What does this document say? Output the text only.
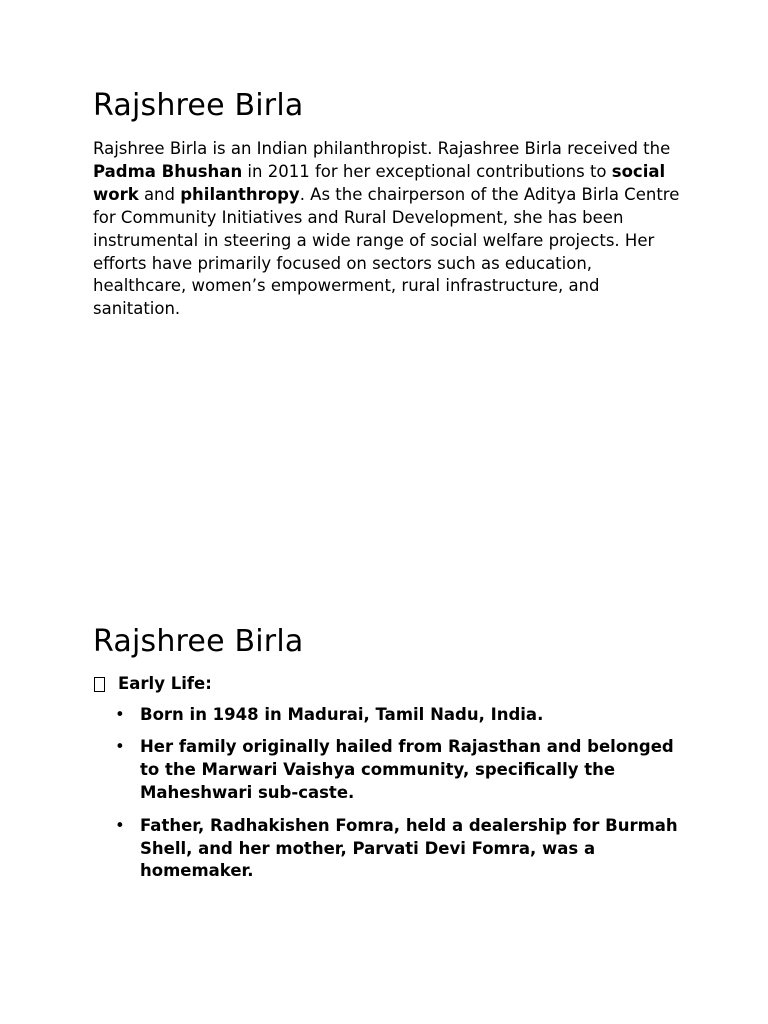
Rajshree Birla

Rajshree Birla is an Indian philanthropist. Rajashree Birla received the Padma Bhushan in 2011 for her exceptional contributions to social work and philanthropy. As the chairperson of the Aditya Birla Centre for Community Initiatives and Rural Development, she has been instrumental in steering a wide range of social welfare projects. Her efforts have primarily focused on sectors such as education, healthcare, women’s empowerment, rural infrastructure, and sanitation.

Rajshree Birla
Early Life:
• Born in 1948 in Madurai, Tamil Nadu, India.
• Her family originally hailed from Rajasthan and belonged to the Marwari Vaishya community, specifically the Maheshwari sub-caste.
• Father, Radhakishen Fomra, held a dealership for Burmah Shell, and her mother, Parvati Devi Fomra, was a homemaker.
